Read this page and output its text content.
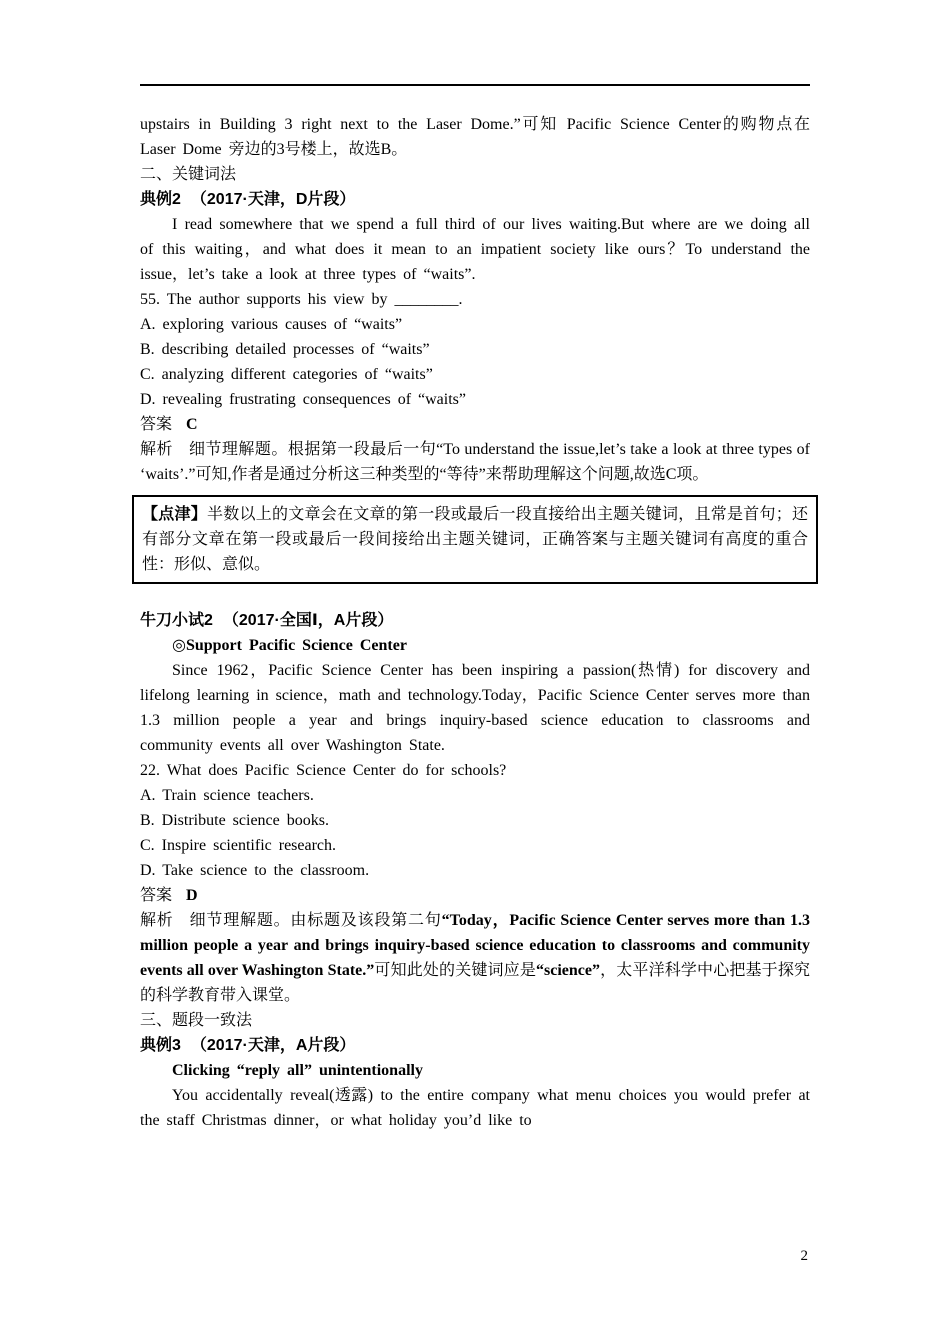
upstairs in Building 3 right next to the Laser Dome.”可知 Pacific Science Center的购物点在Laser Dome 旁边的3号楼上，故选B。

二、关键词法

典例2 （2017·天津，D片段）

I read somewhere that we spend a full third of our lives waiting.But where are we doing all of this waiting，and what does it mean to an impatient society like ours？To understand the issue，let’s take a look at three types of “waits”.

55. The author supports his view by ________.

A. exploring various causes of “waits”

B. describing detailed processes of “waits”

C. analyzing different categories of “waits”

D. revealing frustrating consequences of “waits”

答案 C

解析 细节理解题。根据第一段最后一句“To understand the issue,let’s take a look at three types of ‘waits’.”可知,作者是通过分析这三种类型的“等待”来帮助理解这个问题,故选C项。

【点津】半数以上的文章会在文章的第一段或最后一段直接给出主题关键词，且常是首句；还有部分文章在第一段或最后一段间接给出主题关键词，正确答案与主题关键词有高度的重合性：形似、意似。

牛刀小试2 （2017·全国Ⅰ，A片段）

◎Support Pacific Science Center

Since 1962，Pacific Science Center has been inspiring a passion(热情) for discovery and lifelong learning in science，math and technology.Today，Pacific Science Center serves more than 1.3 million people a year and brings inquiry-based science education to classrooms and community events all over Washington State.

22. What does Pacific Science Center do for schools?

A. Train science teachers.

B. Distribute science books.

C. Inspire scientific research.

D. Take science to the classroom.

答案 D

解析 细节理解题。由标题及该段第二句“Today，Pacific Science Center serves more than 1.3 million people a year and brings inquiry-based science education to classrooms and community events all over Washington State.”可知此处的关键词应是“science”，太平洋科学中心把基于探究的科学教育带入课堂。

三、题段一致法

典例3 （2017·天津，A片段）

Clicking “reply all” unintentionally

You accidentally reveal(透露) to the entire company what menu choices you would prefer at the staff Christmas dinner，or what holiday you’d like to

2
